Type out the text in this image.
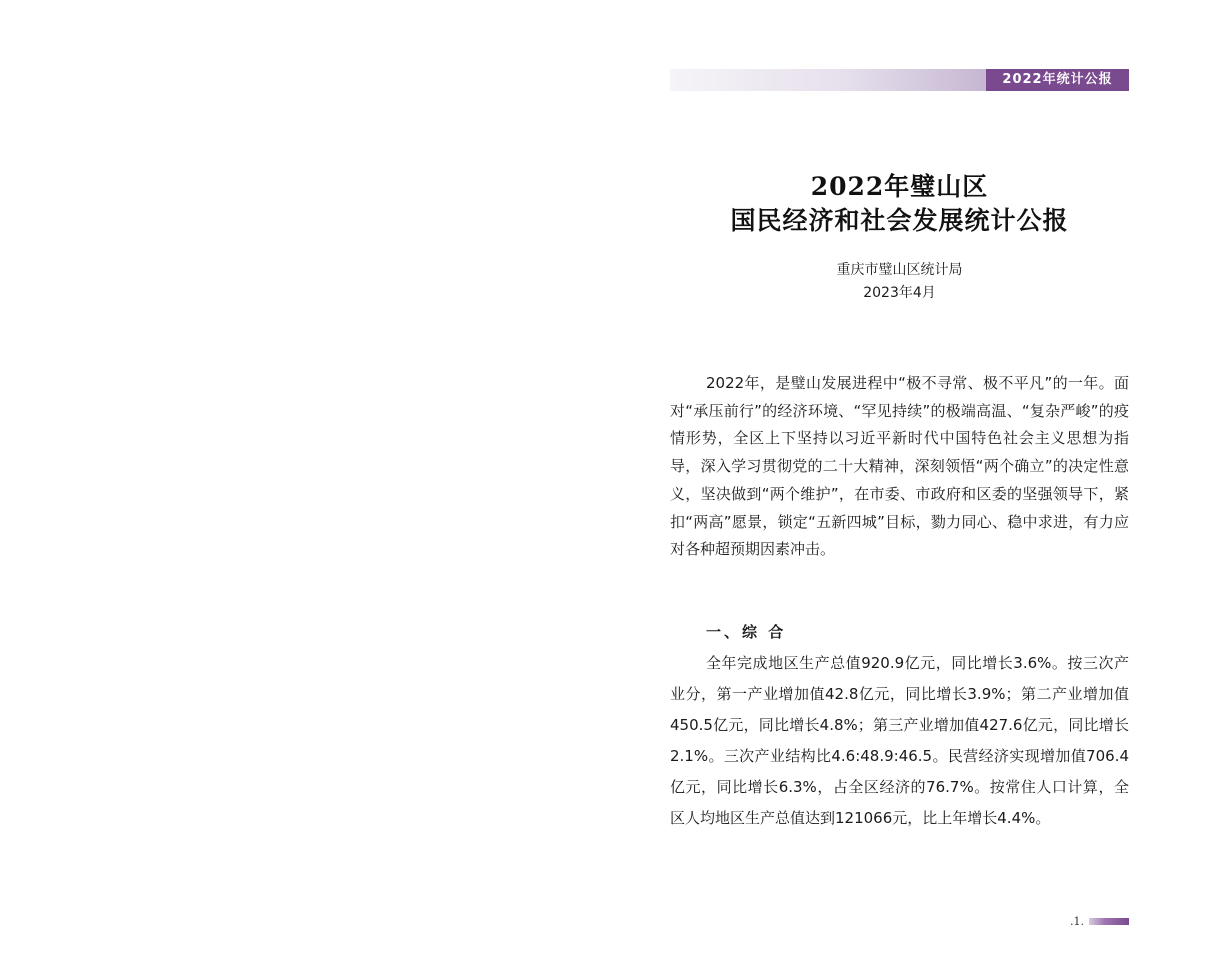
2022年统计公报
2022年璧山区
国民经济和社会发展统计公报
重庆市璧山区统计局
2023年4月

2022年，是璧山发展进程中“极不寻常、极不平凡”的一年。面对“承压前行”的经济环境、“罕见持续”的极端高温、“复杂严峻”的疫情形势，全区上下坚持以习近平新时代中国特色社会主义思想为指导，深入学习贯彻党的二十大精神，深刻领悟“两个确立”的决定性意义，坚决做到“两个维护”，在市委、市政府和区委的坚强领导下，紧扣“两高”愿景，锁定“五新四城”目标，勠力同心、稳中求进，有力应对各种超预期因素冲击。

一、综 合

全年完成地区生产总值920.9亿元，同比增长3.6%。按三次产业分，第一产业增加值42.8亿元，同比增长3.9%；第二产业增加值450.5亿元，同比增长4.8%；第三产业增加值427.6亿元，同比增长2.1%。三次产业结构比4.6:48.9:46.5。民营经济实现增加值706.4亿元，同比增长6.3%，占全区经济的76.7%。按常住人口计算，全区人均地区生产总值达到121066元，比上年增长4.4%。

.1.
